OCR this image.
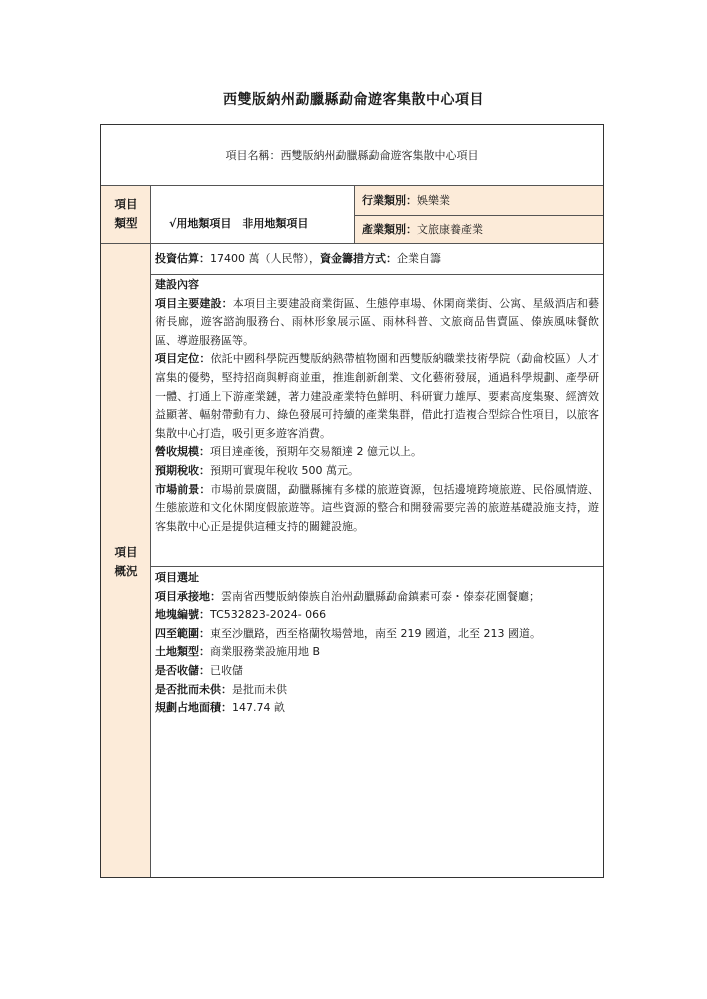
西雙版納州勐臘縣勐侖遊客集散中心項目
項目名稱：西雙版納州勐臘縣勐侖遊客集散中心項目
項目
類型	√用地類項目　非用地類項目
行業類別：娛樂業
產業類別：文旅康養產業
項目
概況
投資估算：17400 萬（人民幣），資金籌措方式：企業自籌

建設內容

項目主要建設：本項目主要建設商業街區、生態停車場、休閑商業街、公寓、星級酒店和藝術長廊，遊客諮詢服務台、雨林形象展示區、雨林科普、文旅商品售賣區、傣族風味餐飲區、導遊服務區等。

項目定位：依託中國科學院西雙版納熱帶植物園和西雙版納職業技術學院（勐侖校區）人才富集的優勢，堅持招商與孵商並重，推進創新創業、文化藝術發展，通過科學規劃、產學研一體、打通上下游產業鏈，著力建設產業特色鮮明、科研實力雄厚、要素高度集聚、經濟效益顯著、輻射帶動有力、綠色發展可持續的產業集群，借此打造複合型綜合性項目，以旅客集散中心打造，吸引更多遊客消費。

營收規模：項目達產後，預期年交易額達 2 億元以上。

預期稅收：預期可實現年稅收 500 萬元。

市場前景：市場前景廣闊，勐臘縣擁有多樣的旅遊資源，包括邊境跨境旅遊、民俗風情遊、生態旅遊和文化休閑度假旅遊等。這些資源的整合和開發需要完善的旅遊基礎設施支持，遊客集散中心正是提供這種支持的關鍵設施。

項目選址

項目承接地：雲南省西雙版納傣族自治州勐臘縣勐侖鎮素可泰・傣泰花園餐廳；

地塊編號：TC532823-2024- 066

四至範圍：東至沙臘路，西至格蘭牧場營地，南至 219 國道，北至 213 國道。

土地類型：商業服務業設施用地 B

是否收儲：已收儲

是否批而未供：是批而未供

規劃占地面積：147.74 畝
